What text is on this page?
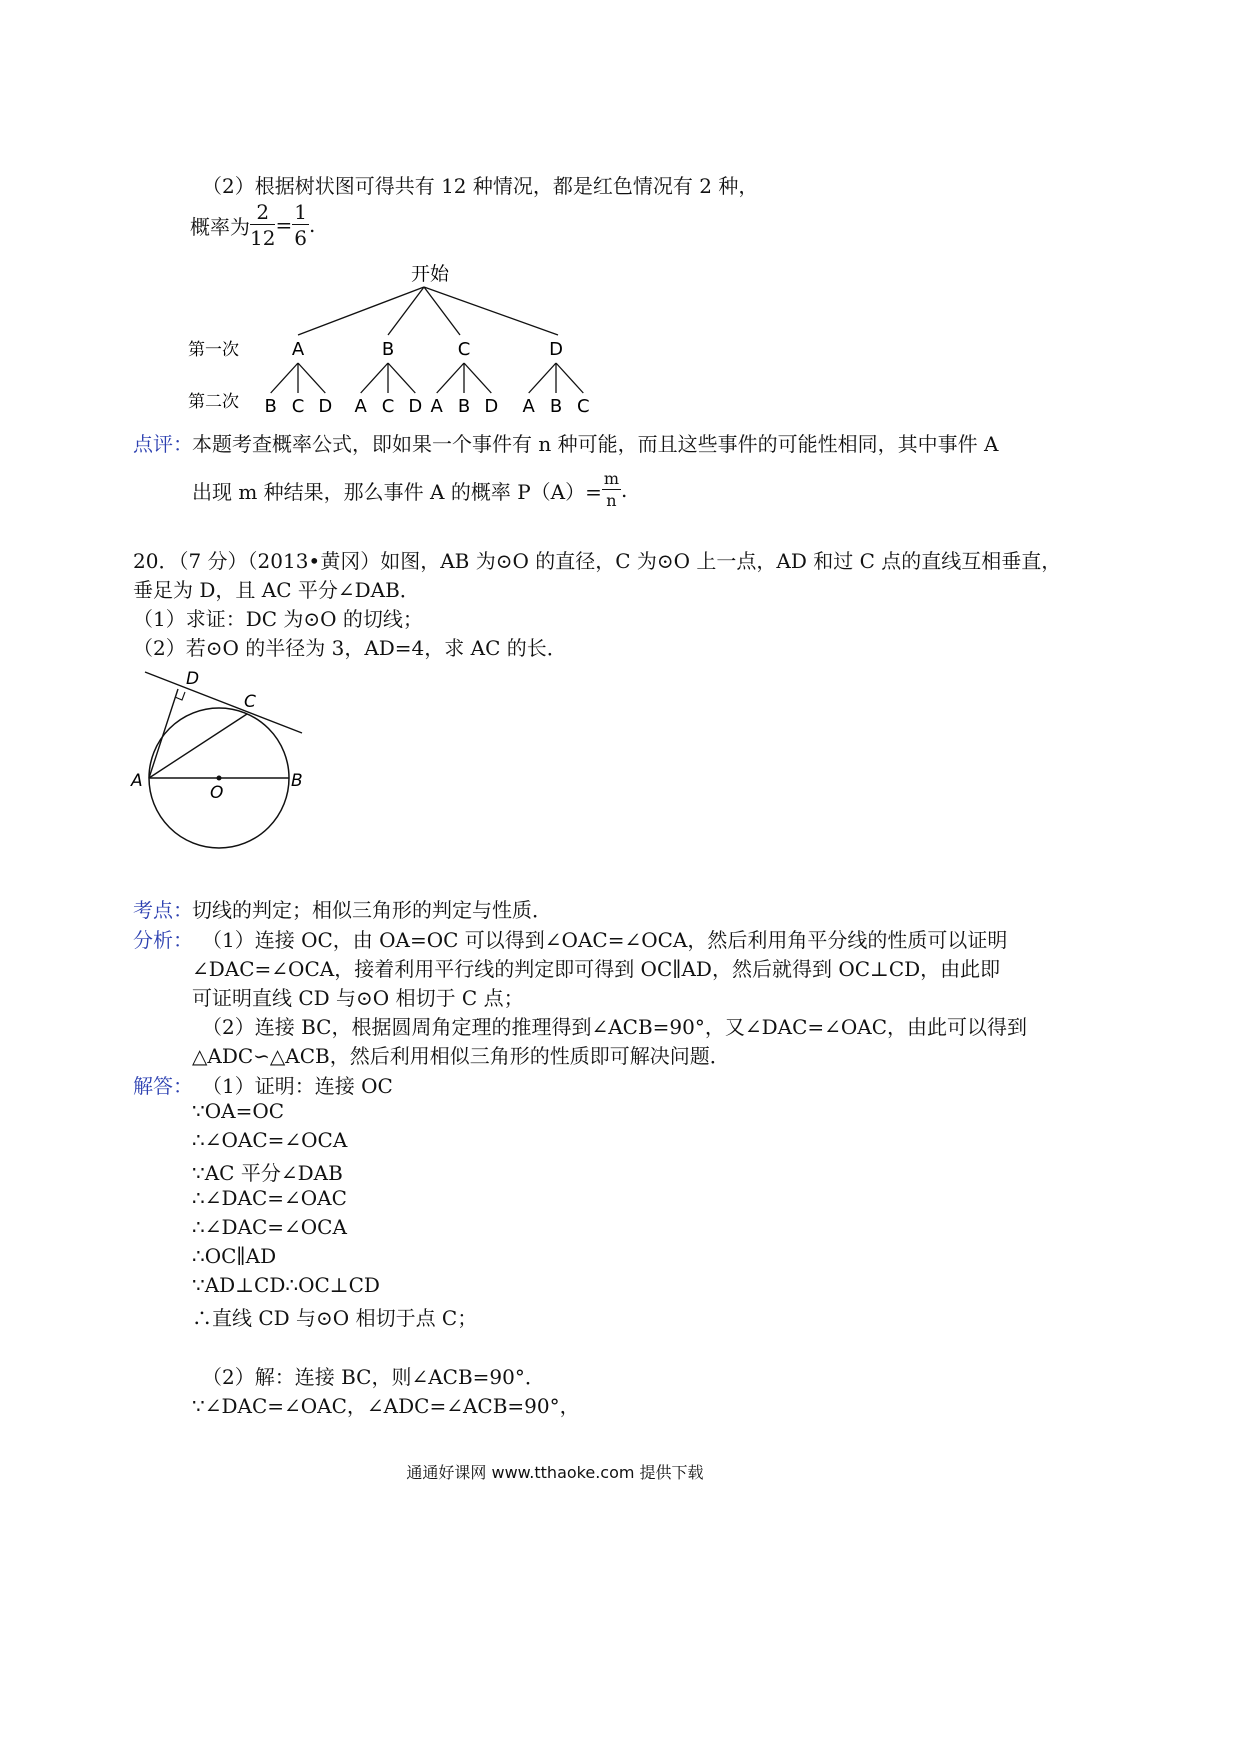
（2）根据树状图可得共有 12 种情况，都是红色情况有 2 种，
概率为 $\frac{2}{12} = \frac{1}{6}$ .
开始
第一次
第二次
A	B	C	D
B C D A C D A B D A B C
点评： 本题考查概率公式，即如果一个事件有 n 种可能，而且这些事件的可能性相同，其中事件 A
出现 m 种结果，那么事件 A 的概率 $P(A)= \frac{m}{n}$ .
20．（7 分）（2013•黄冈）如图，AB 为⊙O 的直径，C 为⊙O 上一点，AD 和过 C 点的直线互相垂直，
垂足为 D，且 AC 平分∠DAB．
（1）求证：DC 为⊙O 的切线；
（2）若⊙O 的半径为 3，AD=4，求 AC 的长．
A	B
C
D
O
考点： 切线的判定；相似三角形的判定与性质．
分析： （1）连接 OC，由 OA=OC 可以得到∠OAC=∠OCA，然后利用角平分线的性质可以证明
∠DAC=∠OCA，接着利用平行线的判定即可得到 OC∥AD，然后就得到 OC⊥CD，由此即
可证明直线 CD 与⊙O 相切于 C 点；
（2）连接 BC，根据圆周角定理的推理得到∠ACB=90°，又∠DAC=∠OAC，由此可以得到
△ADC∽△ACB，然后利用相似三角形的性质即可解决问题．
解答： （1）证明：连接 OC
∵OA=OC
∴∠OAC=∠OCA
∵AC 平分∠DAB
∴∠DAC=∠OAC
∴∠DAC=∠OCA
∴OC∥AD
∵AD⊥CD∴OC⊥CD
∴直线 CD 与⊙O 相切于点 C；
（2）解：连接 BC，则∠ACB=90°．
∵∠DAC=∠OAC，∠ADC=∠ACB=90°，
通通好课网 www.tthaoke.com 提供下载
